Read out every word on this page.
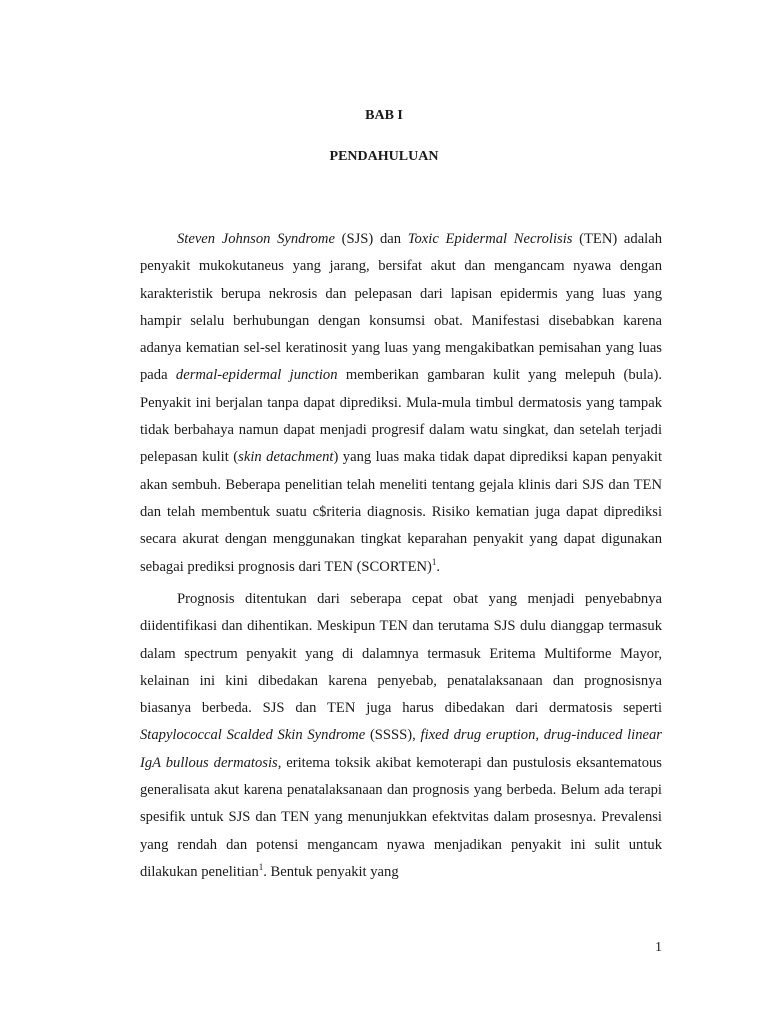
BAB I
PENDAHULUAN

Steven Johnson Syndrome (SJS) dan Toxic Epidermal Necrolisis (TEN) adalah penyakit mukokutaneus yang jarang, bersifat akut dan mengancam nyawa dengan karakteristik berupa nekrosis dan pelepasan dari lapisan epidermis yang luas yang hampir selalu berhubungan dengan konsumsi obat. Manifestasi disebabkan karena adanya kematian sel-sel keratinosit yang luas yang mengakibatkan pemisahan yang luas pada dermal-epidermal junction memberikan gambaran kulit yang melepuh (bula). Penyakit ini berjalan tanpa dapat diprediksi. Mula-mula timbul dermatosis yang tampak tidak berbahaya namun dapat menjadi progresif dalam watu singkat, dan setelah terjadi pelepasan kulit (skin detachment) yang luas maka tidak dapat diprediksi kapan penyakit akan sembuh. Beberapa penelitian telah meneliti tentang gejala klinis dari SJS dan TEN dan telah membentuk suatu c$riteria diagnosis. Risiko kematian juga dapat diprediksi secara akurat dengan menggunakan tingkat keparahan penyakit yang dapat digunakan sebagai prediksi prognosis dari TEN (SCORTEN)$^1$.

Prognosis ditentukan dari seberapa cepat obat yang menjadi penyebabnya diidentifikasi dan dihentikan. Meskipun TEN dan terutama SJS dulu dianggap termasuk dalam spectrum penyakit yang di dalamnya termasuk Eritema Multiforme Mayor, kelainan ini kini dibedakan karena penyebab, penatalaksanaan dan prognosisnya biasanya berbeda. SJS dan TEN juga harus dibedakan dari dermatosis seperti Stapylococcal Scalded Skin Syndrome (SSSS), fixed drug eruption, drug-induced linear IgA bullous dermatosis, eritema toksik akibat kemoterapi dan pustulosis eksantematous generalisata akut karena penatalaksanaan dan prognosis yang berbeda. Belum ada terapi spesifik untuk SJS dan TEN yang menunjukkan efektvitas dalam prosesnya. Prevalensi yang rendah dan potensi mengancam nyawa menjadikan penyakit ini sulit untuk dilakukan penelitian$^1$. Bentuk penyakit yang

1
